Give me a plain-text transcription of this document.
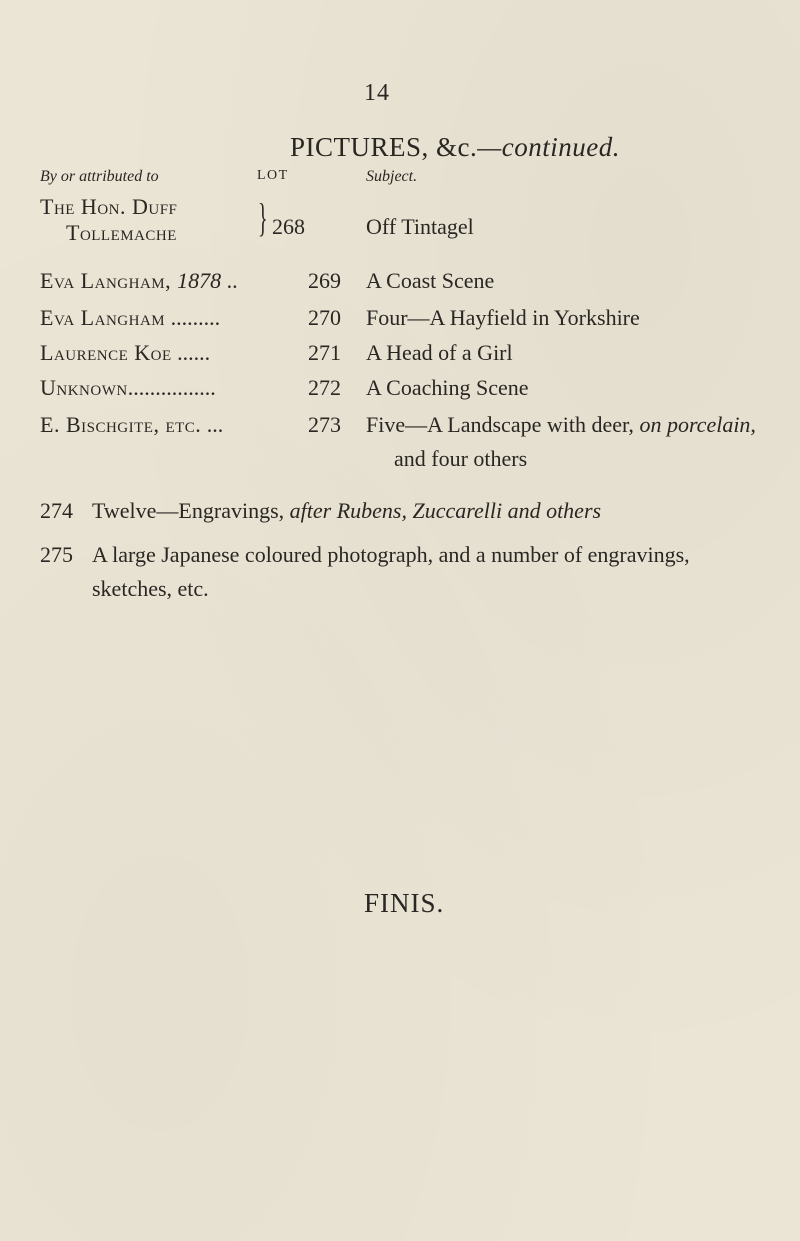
14
PICTURES, &c.—continued.
By or attributed to	LOT	Subject.
The Hon. Duff
Tollemache } 268	Off Tintagel
Eva Langham, 1878 ..	269 A Coast Scene
Eva Langham .........	270 Four—A Hayfield in Yorkshire
Laurence Koe ......	271 A Head of a Girl
Unknown................	272 A Coaching Scene
E. Bischgite, etc. ...	273 Five—A Landscape with deer, on porcelain,
and four others
274 Twelve—Engravings, after Rubens, Zuccarelli and others
275 A large Japanese coloured photograph, and a number of engravings,
sketches, etc.
FINIS.
